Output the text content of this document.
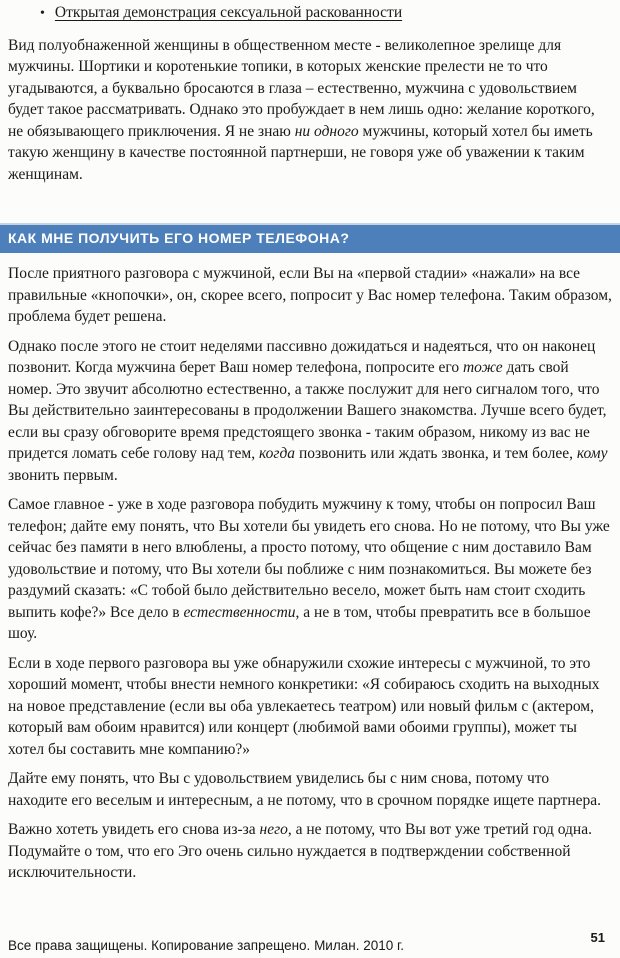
• Открытая демонстрация сексуальной раскованности

Вид полуобнаженной женщины в общественном месте - великолепное зрелище для мужчины. Шортики и коротенькие топики, в которых женские прелести не то что угадываются, а буквально бросаются в глаза – естественно, мужчина с удовольствием будет такое рассматривать. Однако это пробуждает в нем лишь одно: желание короткого, не обязывающего приключения. Я не знаю ни одного мужчины, который хотел бы иметь такую женщину в качестве постоянной партнерши, не говоря уже об уважении к таким женщинам.

КАК МНЕ ПОЛУЧИТЬ ЕГО НОМЕР ТЕЛЕФОНА?

После приятного разговора с мужчиной, если Вы на «первой стадии» «нажали» на все правильные «кнопочки», он, скорее всего, попросит у Вас номер телефона. Таким образом, проблема будет решена.

Однако после этого не стоит неделями пассивно дожидаться и надеяться, что он наконец позвонит. Когда мужчина берет Ваш номер телефона, попросите его тоже дать свой номер. Это звучит абсолютно естественно, а также послужит для него сигналом того, что Вы действительно заинтересованы в продолжении Вашего знакомства. Лучше всего будет, если вы сразу обговорите время предстоящего звонка - таким образом, никому из вас не придется ломать себе голову над тем, когда позвонить или ждать звонка, и тем более, кому звонить первым.

Самое главное - уже в ходе разговора побудить мужчину к тому, чтобы он попросил Ваш телефон; дайте ему понять, что Вы хотели бы увидеть его снова. Но не потому, что Вы уже сейчас без памяти в него влюблены, а просто потому, что общение с ним доставило Вам удовольствие и потому, что Вы хотели бы поближе с ним познакомиться. Вы можете без раздумий сказать: «С тобой было действительно весело, может быть нам стоит сходить выпить кофе?» Все дело в естественности, а не в том, чтобы превратить все в большое шоу.

Если в ходе первого разговора вы уже обнаружили схожие интересы с мужчиной, то это хороший момент, чтобы внести немного конкретики: «Я собираюсь сходить на выходных на новое представление (если вы оба увлекаетесь театром) или новый фильм с (актером, который вам обоим нравится) или концерт (любимой вами обоими группы), может ты хотел бы составить мне компанию?»

Дайте ему понять, что Вы с удовольствием увиделись бы с ним снова, потому что находите его веселым и интересным, а не потому, что в срочном порядке ищете партнера.

Важно хотеть увидеть его снова из-за него, а не потому, что Вы вот уже третий год одна. Подумайте о том, что его Эго очень сильно нуждается в подтверждении собственной исключительности.

Все права защищены. Копирование запрещено. Милан. 2010 г.
51
